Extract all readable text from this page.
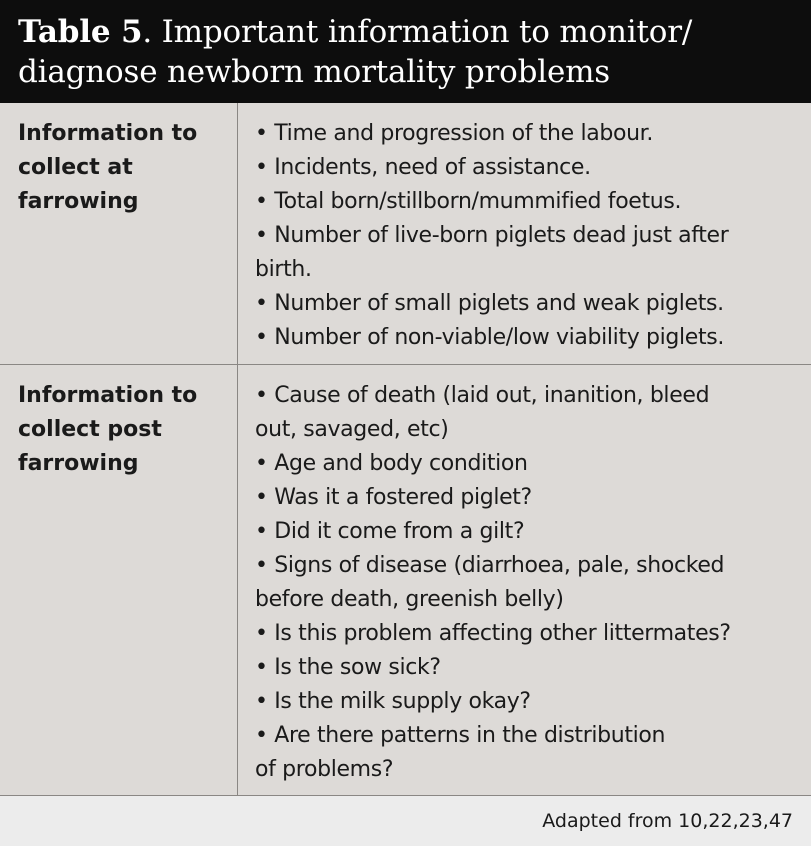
Table 5. Important information to monitor/
diagnose newborn mortality problems
Information to
collect at
farrowing
• Time and progression of the labour.
• Incidents, need of assistance.
• Total born/stillborn/mummified foetus.
• Number of live-born piglets dead just after
birth.
• Number of small piglets and weak piglets.
• Number of non-viable/low viability piglets.
Information to
collect post
farrowing
• Cause of death (laid out, inanition, bleed
out, savaged, etc)
• Age and body condition
• Was it a fostered piglet?
• Did it come from a gilt?
• Signs of disease (diarrhoea, pale, shocked
before death, greenish belly)
• Is this problem affecting other littermates?
• Is the sow sick?
• Is the milk supply okay?
• Are there patterns in the distribution
of problems?
Adapted from 10,22,23,47
